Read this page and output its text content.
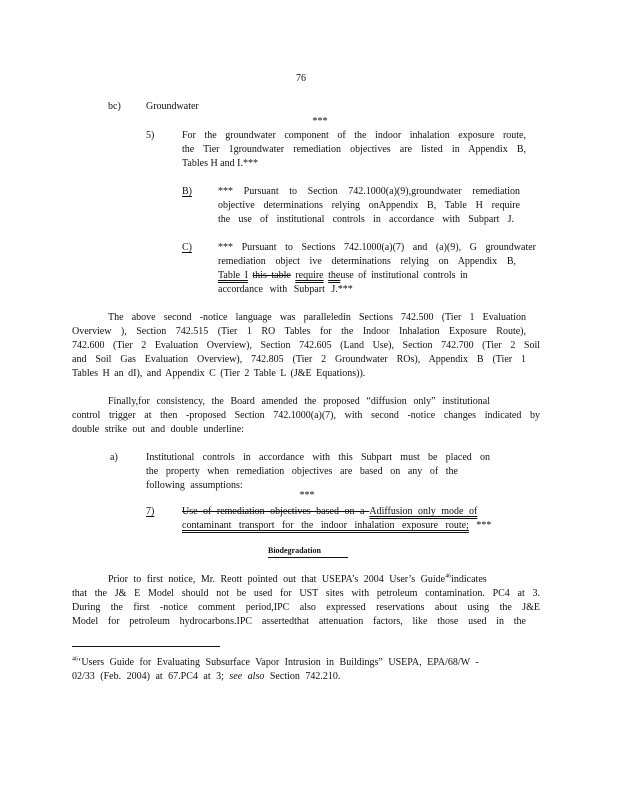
76
bc)	Groundwater
***
5)	For the groundwater component of the indoor inhalation exposure route,
the Tier 1groundwater remediation objectives are listed in Appendix B,
Tables H and I.***
B)	*** Pursuant to Section 742.1000(a)(9),groundwater remediation
objective determinations relying onAppendix B, Table H require
the use of institutional controls in accordance with Subpart J.
C)	*** Pursuant to Sections 742.1000(a)(7) and (a)(9), G groundwater
remediation object ive determinations relying on Appendix B,
Table I this table require theuse of institutional controls in
accordance with Subpart J.***
The above second -notice language was paralleledin Sections 742.500 (Tier 1 Evaluation
Overview ), Section 742.515 (Tier 1 RO Tables for the Indoor Inhalation Exposure Route),
742.600 (Tier 2 Evaluation Overview), Section 742.605 (Land Use), Section 742.700 (Tier 2 Soil
and Soil Gas Evaluation Overview), 742.805 (Tier 2 Groundwater ROs), Appendix B (Tier 1
Tables H an dI), and Appendix C (Tier 2 Table L (J&E Equations)).
Finally,for consistency, the Board amended the proposed “diffusion only” institutional
control trigger at then -proposed Section 742.1000(a)(7), with second -notice changes indicated by
double strike out and double underline:
a)	Institutional controls in accordance with this Subpart must be placed on
the property when remediation objectives are based on any of the
following assumptions:
***
7)	Use of remediation objectives based on a Adiffusion only mode of
contaminant transport for the indoor inhalation exposure route; ***
Biodegradation
Prior to first notice, Mr. Reott pointed out that USEPA’s 2004 User’s Guide$^{46}$indicates
that the J& E Model should not be used for UST sites with petroleum contamination. PC4 at 3.
During the first -notice comment period,IPC also expressed reservations about using the J&E
Model for petroleum hydrocarbons.IPC assertedthat attenuation factors, like those used in the
$^{46}$‘Users Guide for Evaluating Subsurface Vapor Intrusion in Buildings” USEPA, EPA/68/W -
02/33 (Feb. 2004) at 67.PC4 at 3; see also Section 742.210.
